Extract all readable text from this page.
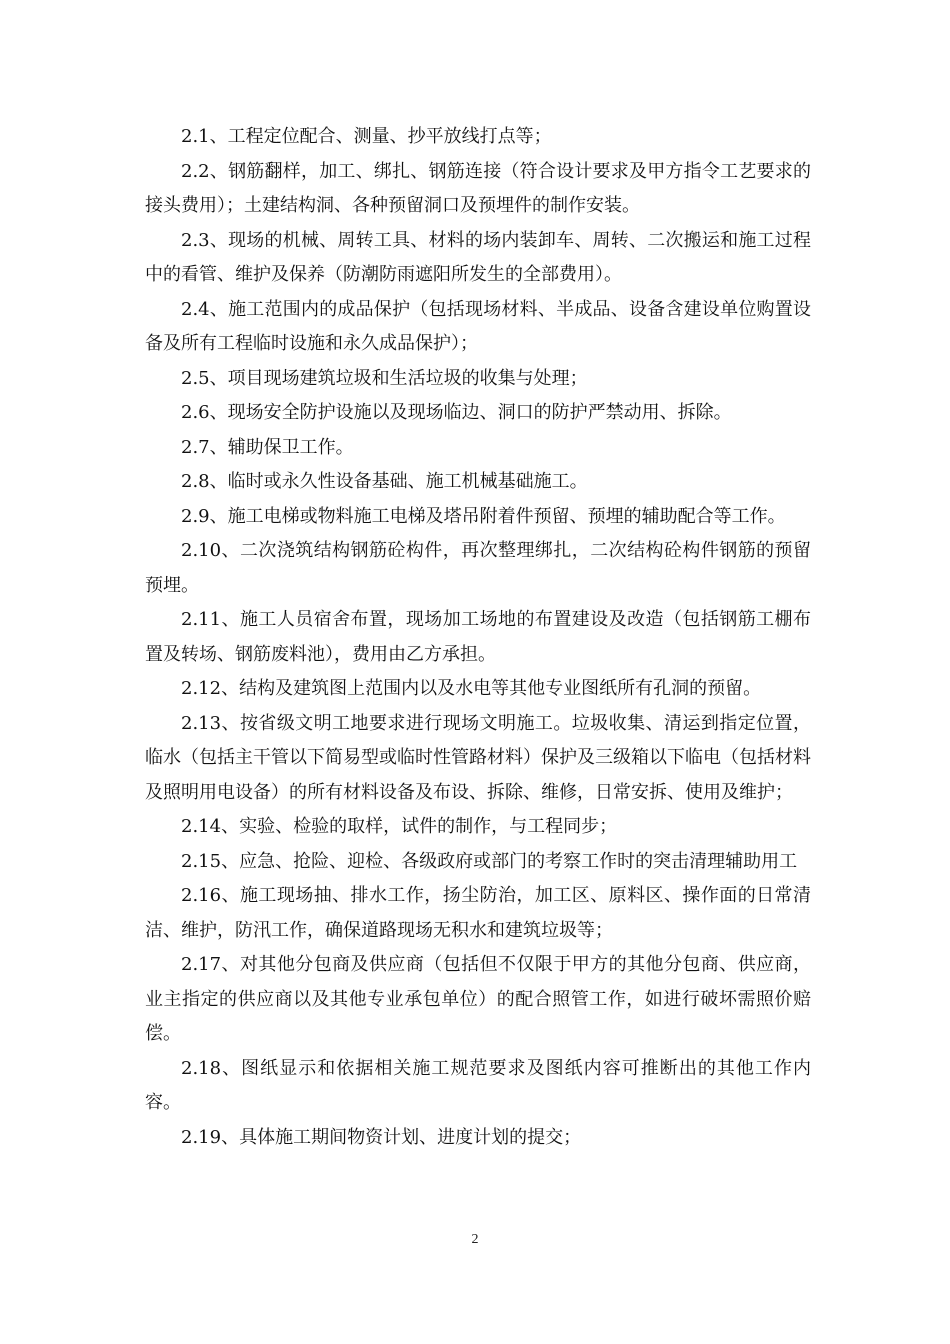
2.1、工程定位配合、测量、抄平放线打点等；

2.2、钢筋翻样，加工、绑扎、钢筋连接（符合设计要求及甲方指令工艺要求的接头费用）；土建结构洞、各种预留洞口及预埋件的制作安装。

2.3、现场的机械、周转工具、材料的场内装卸车、周转、二次搬运和施工过程中的看管、维护及保养（防潮防雨遮阳所发生的全部费用）。

2.4、施工范围内的成品保护（包括现场材料、半成品、设备含建设单位购置设备及所有工程临时设施和永久成品保护）；

2.5、项目现场建筑垃圾和生活垃圾的收集与处理；

2.6、现场安全防护设施以及现场临边、洞口的防护严禁动用、拆除。

2.7、辅助保卫工作。

2.8、临时或永久性设备基础、施工机械基础施工。

2.9、施工电梯或物料施工电梯及塔吊附着件预留、预埋的辅助配合等工作。

2.10、二次浇筑结构钢筋砼构件，再次整理绑扎，二次结构砼构件钢筋的预留预埋。

2.11、施工人员宿舍布置，现场加工场地的布置建设及改造（包括钢筋工棚布置及转场、钢筋废料池），费用由乙方承担。

2.12、结构及建筑图上范围内以及水电等其他专业图纸所有孔洞的预留。

2.13、按省级文明工地要求进行现场文明施工。垃圾收集、清运到指定位置，临水（包括主干管以下简易型或临时性管路材料）保护及三级箱以下临电（包括材料及照明用电设备）的所有材料设备及布设、拆除、维修，日常安拆、使用及维护；

2.14、实验、检验的取样，试件的制作，与工程同步；

2.15、应急、抢险、迎检、各级政府或部门的考察工作时的突击清理辅助用工

2.16、施工现场抽、排水工作，扬尘防治，加工区、原料区、操作面的日常清洁、维护，防汛工作，确保道路现场无积水和建筑垃圾等；

2.17、对其他分包商及供应商（包括但不仅限于甲方的其他分包商、供应商，业主指定的供应商以及其他专业承包单位）的配合照管工作，如进行破坏需照价赔偿。

2.18、图纸显示和依据相关施工规范要求及图纸内容可推断出的其他工作内容。

2.19、具体施工期间物资计划、进度计划的提交；

2
